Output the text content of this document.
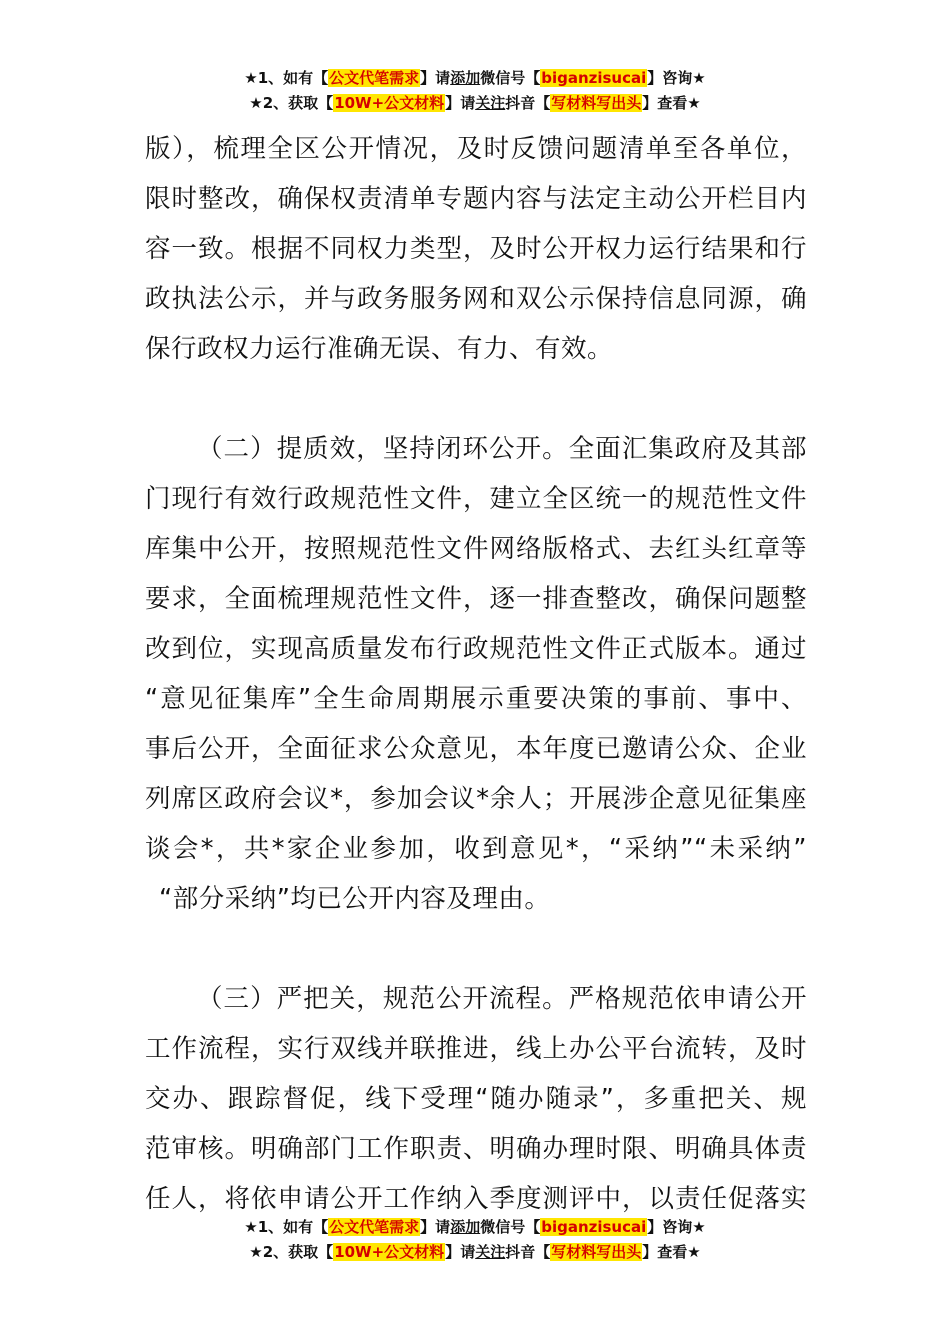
★1、如有【公文代笔需求】请添加微信号【biganzisucai】咨询★
★2、获取【10W+公文材料】请关注抖音【写材料写出头】查看★
版），梳理全区公开情况，及时反馈问题清单至各单位，
限时整改，确保权责清单专题内容与法定主动公开栏目内
容一致。根据不同权力类型，及时公开权力运行结果和行
政执法公示，并与政务服务网和双公示保持信息同源，确
保行政权力运行准确无误、有力、有效。
（二）提质效，坚持闭环公开。全面汇集政府及其部
门现行有效行政规范性文件，建立全区统一的规范性文件
库集中公开，按照规范性文件网络版格式、去红头红章等
要求，全面梳理规范性文件，逐一排查整改，确保问题整
改到位，实现高质量发布行政规范性文件正式版本。通过
“意见征集库”全生命周期展示重要决策的事前、事中、
事后公开，全面征求公众意见，本年度已邀请公众、企业
列席区政府会议*，参加会议*余人；开展涉企意见征集座
谈会*，共*家企业参加，收到意见*，“采纳”“未采纳”
“部分采纳”均已公开内容及理由。
（三）严把关，规范公开流程。严格规范依申请公开
工作流程，实行双线并联推进，线上办公平台流转，及时
交办、跟踪督促，线下受理“随办随录”，多重把关、规
范审核。明确部门工作职责、明确办理时限、明确具体责
任人，将依申请公开工作纳入季度测评中，以责任促落实
★1、如有【公文代笔需求】请添加微信号【biganzisucai】咨询★
★2、获取【10W+公文材料】请关注抖音【写材料写出头】查看★
